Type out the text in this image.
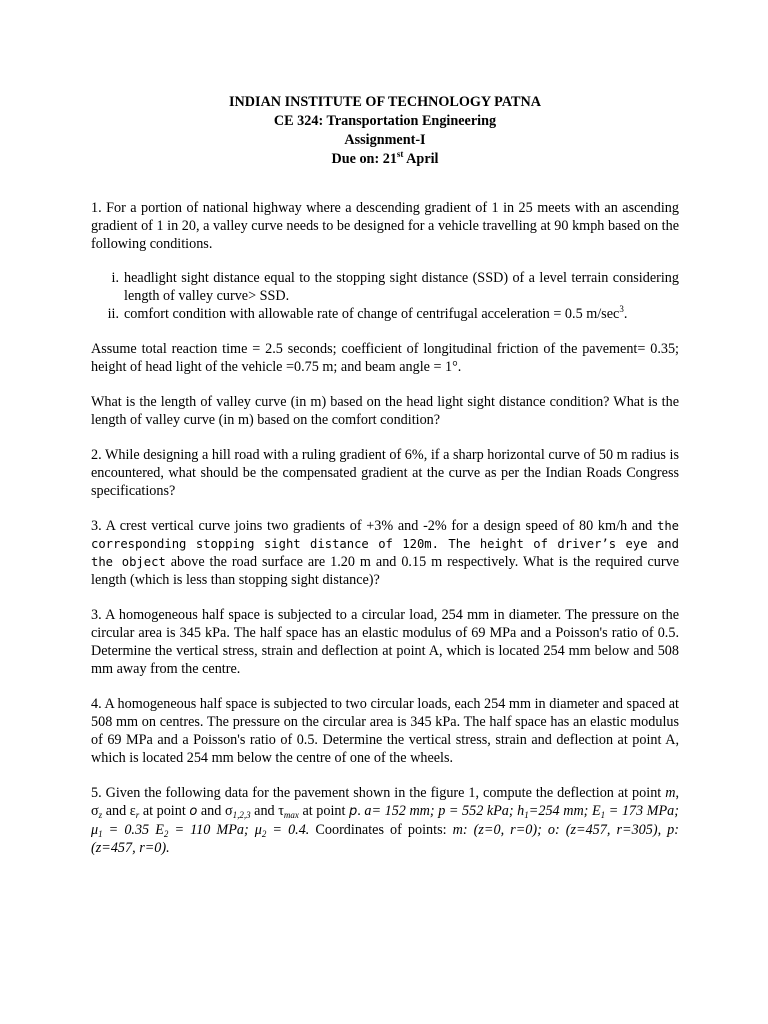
INDIAN INSTITUTE OF TECHNOLOGY PATNA
CE 324: Transportation Engineering
Assignment-I
Due on: 21st April

1. For a portion of national highway where a descending gradient of 1 in 25 meets with an ascending gradient of 1 in 20, a valley curve needs to be designed for a vehicle travelling at 90 kmph based on the following conditions.

i. headlight sight distance equal to the stopping sight distance (SSD) of a level terrain considering length of valley curve> SSD.
ii. comfort condition with allowable rate of change of centrifugal acceleration = 0.5 $m/\sec^3$.

Assume total reaction time = 2.5 seconds; coefficient of longitudinal friction of the pavement= 0.35; height of head light of the vehicle =0.75 m; and beam angle = 1°.

What is the length of valley curve (in m) based on the head light sight distance condition? What is the length of valley curve (in m) based on the comfort condition?

2. While designing a hill road with a ruling gradient of 6%, if a sharp horizontal curve of 50 m radius is encountered, what should be the compensated gradient at the curve as per the Indian Roads Congress specifications?

3. A crest vertical curve joins two gradients of +3% and -2% for a design speed of 80 km/h and the corresponding stopping sight distance of 120m. The height of driver’s eye and the object above the road surface are 1.20 m and 0.15 m respectively. What is the required curve length (which is less than stopping sight distance)?

3. A homogeneous half space is subjected to a circular load, 254 mm in diameter. The pressure on the circular area is 345 kPa. The half space has an elastic modulus of 69 MPa and a Poisson's ratio of 0.5. Determine the vertical stress, strain and deflection at point A, which is located 254 mm below and 508 mm away from the centre.

4. A homogeneous half space is subjected to two circular loads, each 254 mm in diameter and spaced at 508 mm on centres. The pressure on the circular area is 345 kPa. The half space has an elastic modulus of 69 MPa and a Poisson's ratio of 0.5. Determine the vertical stress, strain and deflection at point A, which is located 254 mm below the centre of one of the wheels.

5. Given the following data for the pavement shown in the figure 1, compute the deflection at point m, $\sigma_z$ and $\varepsilon_r$ at point o and $\sigma_{1,2,3}$ and $\tau_{max}$ at point p. a= 152 mm; p = 552 kPa; $h_1=254$ mm; $E_1 = 173$ MPa; $\mu_1 = 0.35$ $E_2 = 110$ MPa; $\mu_2 = 0.4$. Coordinates of points: m: (z=0, r=0); o: (z=457, r=305), p: (z=457, r=0).
